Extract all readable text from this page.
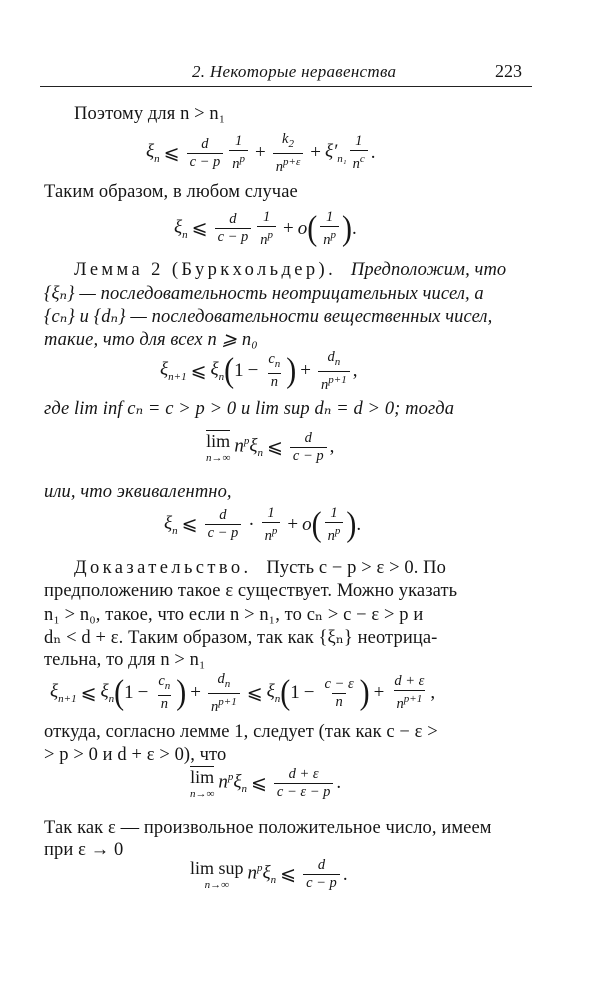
2. Некоторые неравенства	223
Поэтому для n > n₁
$\xi_n$ ⩽ $\frac{d}{c - p} \frac{1}{n^p} + \frac{k_2}{n^{p+\varepsilon}} + \xi'_{n_1} \frac{1}{n^c}$ .
Таким образом, в любом случае
$\xi_n$ ⩽ $\frac{d}{c - p} \frac{1}{n^p} + o$ ( $\frac{1}{n^p}$ ) .
Лемма 2 (Буркхольдер). Предположим, что
{ξₙ} — последовательность неотрицательных чисел, а
{cₙ} и {dₙ} — последовательности вещественных чисел,
такие, что для всех n ⩾ n₀
$\xi_{n+1}$ ⩽ $\xi_n$ ( $1 - \frac{c_n}{n}$ ) + $\frac{d_n}{n^{p+1}}$ ,
где lim inf cₙ = c > p > 0 и lim sup dₙ = d > 0; тогда
lim
n→∞
$n^p\xi_n$ ⩽ $\frac{d}{c - p}$ ,
или, что эквивалентно,
$\xi_n$ ⩽ $\frac{d}{c - p} \cdot \frac{1}{n^p} + o$ ( $\frac{1}{n^p}$ ) .
Доказательство. Пусть c − p > ε > 0. По
предположению такое ε существует. Можно указать
n₁ > n₀, такое, что если n > n₁, то cₙ > c − ε > p и
dₙ < d + ε. Таким образом, так как {ξₙ} неотрица-
тельна, то для n > n₁
$\xi_{n+1}$ ⩽ $\xi_n$ ( $1 - \frac{c_n}{n}$ ) + $\frac{d_n}{n^{p+1}}$ ⩽ $\xi_n$ ( $1 - \frac{c - \varepsilon}{n}$ ) + $\frac{d + \varepsilon}{n^{p+1}}$ ,
откуда, согласно лемме 1, следует (так как c − ε >
> p > 0 и d + ε > 0), что
lim
n→∞
$n^p\xi_n$ ⩽ $\frac{d + \varepsilon}{c - \varepsilon - p}$ .
Так как ε — произвольное положительное число, имеем
при ε → 0
lim sup
n→∞
$n^p\xi_n$ ⩽ $\frac{d}{c - p}$ .
